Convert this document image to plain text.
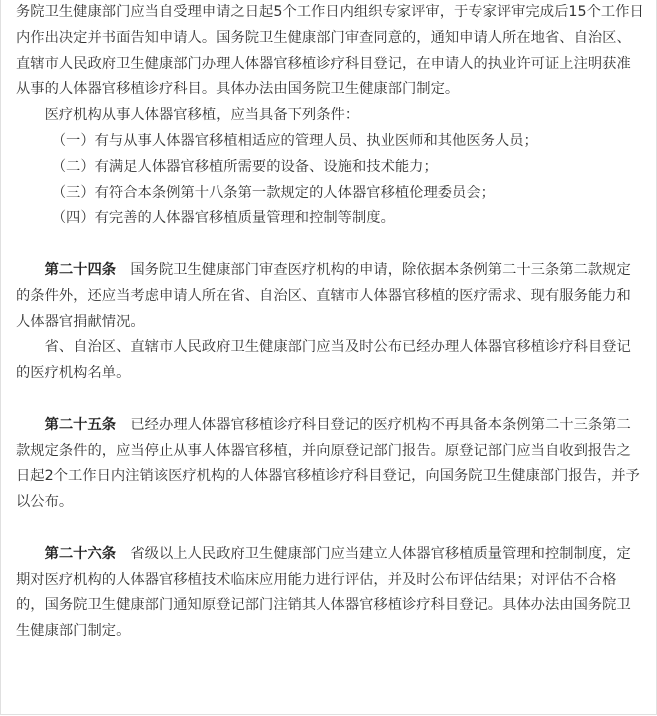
务院卫生健康部门应当自受理申请之日起5个工作日内组织专家评审，于专家评审完成后15个工作日内作出决定并书面告知申请人。国务院卫生健康部门审查同意的，通知申请人所在地省、自治区、直辖市人民政府卫生健康部门办理人体器官移植诊疗科目登记，在申请人的执业许可证上注明获准从事的人体器官移植诊疗科目。具体办法由国务院卫生健康部门制定。

医疗机构从事人体器官移植，应当具备下列条件：

（一）有与从事人体器官移植相适应的管理人员、执业医师和其他医务人员；

（二）有满足人体器官移植所需要的设备、设施和技术能力；

（三）有符合本条例第十八条第一款规定的人体器官移植伦理委员会；

（四）有完善的人体器官移植质量管理和控制等制度。

第二十四条　 国务院卫生健康部门审查医疗机构的申请，除依据本条例第二十三条第二款规定的条件外，还应当考虑申请人所在省、自治区、直辖市人体器官移植的医疗需求、现有服务能力和人体器官捐献情况。

省、自治区、直辖市人民政府卫生健康部门应当及时公布已经办理人体器官移植诊疗科目登记的医疗机构名单。

第二十五条　 已经办理人体器官移植诊疗科目登记的医疗机构不再具备本条例第二十三条第二款规定条件的，应当停止从事人体器官移植，并向原登记部门报告。原登记部门应当自收到报告之日起2个工作日内注销该医疗机构的人体器官移植诊疗科目登记，向国务院卫生健康部门报告，并予以公布。

第二十六条　 省级以上人民政府卫生健康部门应当建立人体器官移植质量管理和控制制度，定期对医疗机构的人体器官移植技术临床应用能力进行评估，并及时公布评估结果；对评估不合格的，国务院卫生健康部门通知原登记部门注销其人体器官移植诊疗科目登记。具体办法由国务院卫生健康部门制定。
